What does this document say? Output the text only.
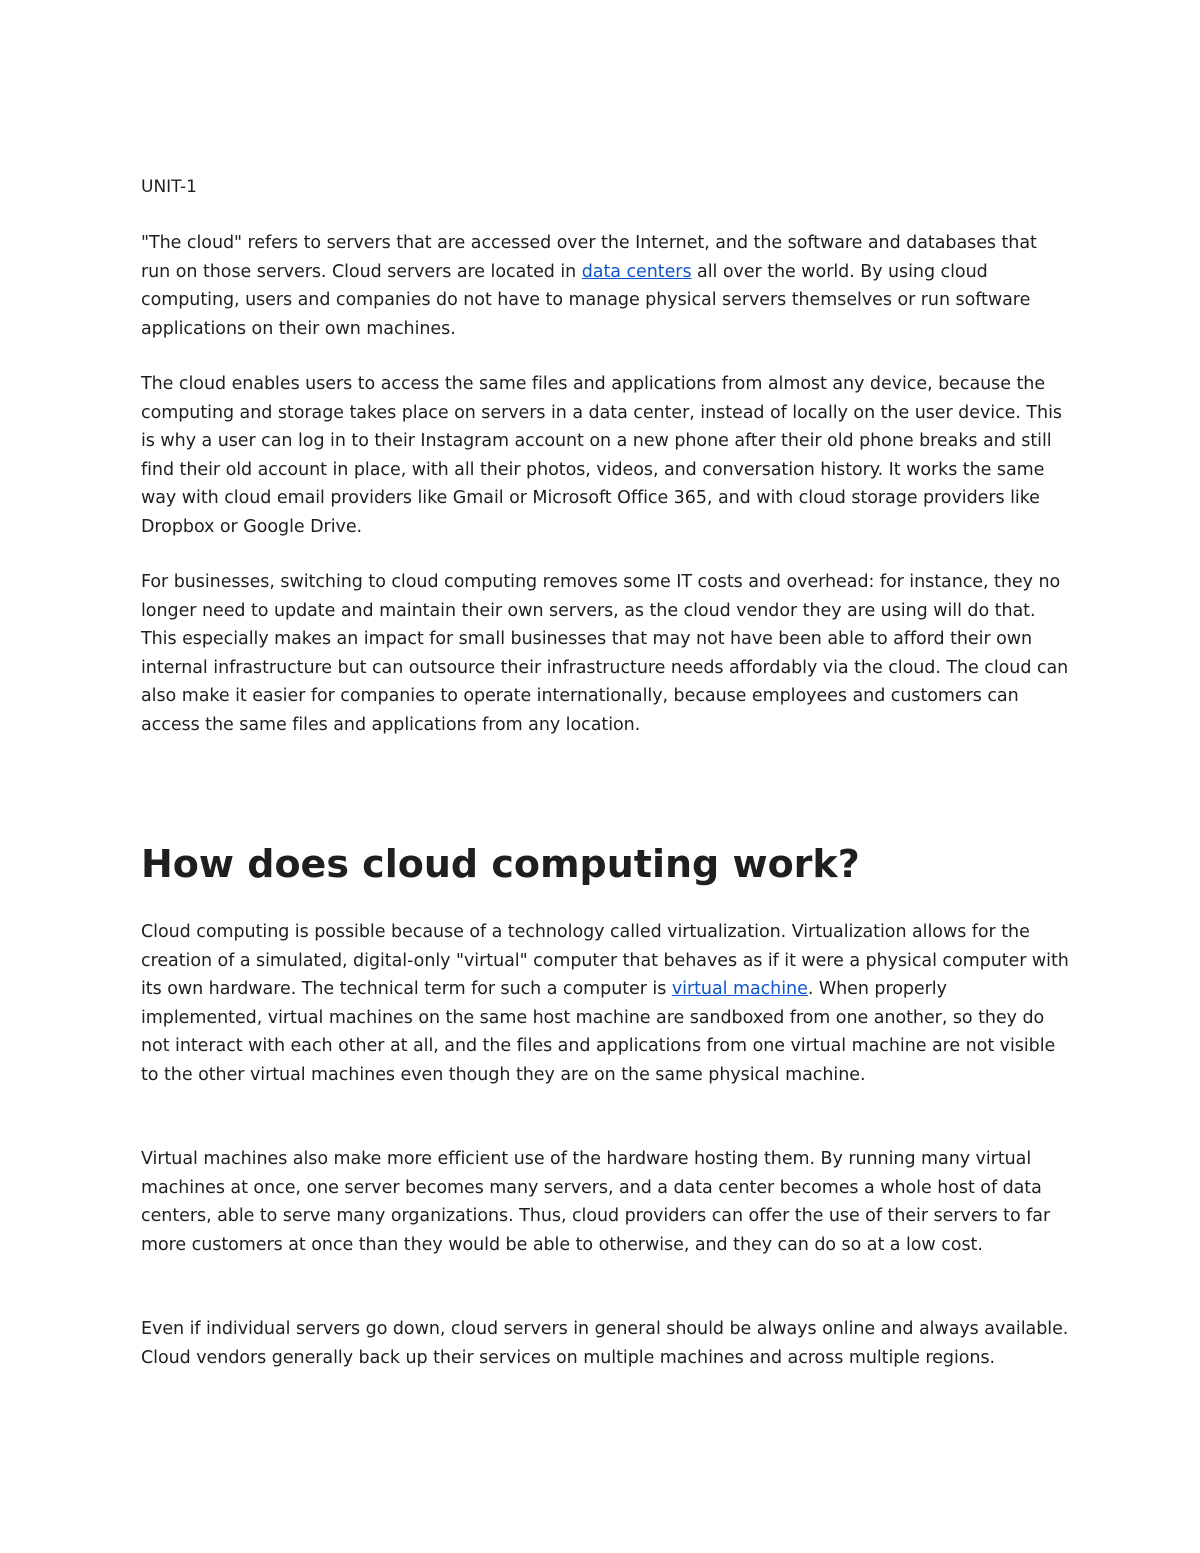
UNIT-1

"The cloud" refers to servers that are accessed over the Internet, and the software and databases that run on those servers. Cloud servers are located in data centers all over the world. By using cloud computing, users and companies do not have to manage physical servers themselves or run software applications on their own machines.

The cloud enables users to access the same files and applications from almost any device, because the computing and storage takes place on servers in a data center, instead of locally on the user device. This is why a user can log in to their Instagram account on a new phone after their old phone breaks and still find their old account in place, with all their photos, videos, and conversation history. It works the same way with cloud email providers like Gmail or Microsoft Office 365, and with cloud storage providers like Dropbox or Google Drive.

For businesses, switching to cloud computing removes some IT costs and overhead: for instance, they no longer need to update and maintain their own servers, as the cloud vendor they are using will do that. This especially makes an impact for small businesses that may not have been able to afford their own internal infrastructure but can outsource their infrastructure needs affordably via the cloud. The cloud can also make it easier for companies to operate internationally, because employees and customers can access the same files and applications from any location.

How does cloud computing work?

Cloud computing is possible because of a technology called virtualization. Virtualization allows for the creation of a simulated, digital-only "virtual" computer that behaves as if it were a physical computer with its own hardware. The technical term for such a computer is virtual machine. When properly implemented, virtual machines on the same host machine are sandboxed from one another, so they do not interact with each other at all, and the files and applications from one virtual machine are not visible to the other virtual machines even though they are on the same physical machine.

Virtual machines also make more efficient use of the hardware hosting them. By running many virtual machines at once, one server becomes many servers, and a data center becomes a whole host of data centers, able to serve many organizations. Thus, cloud providers can offer the use of their servers to far more customers at once than they would be able to otherwise, and they can do so at a low cost.

Even if individual servers go down, cloud servers in general should be always online and always available. Cloud vendors generally back up their services on multiple machines and across multiple regions.
